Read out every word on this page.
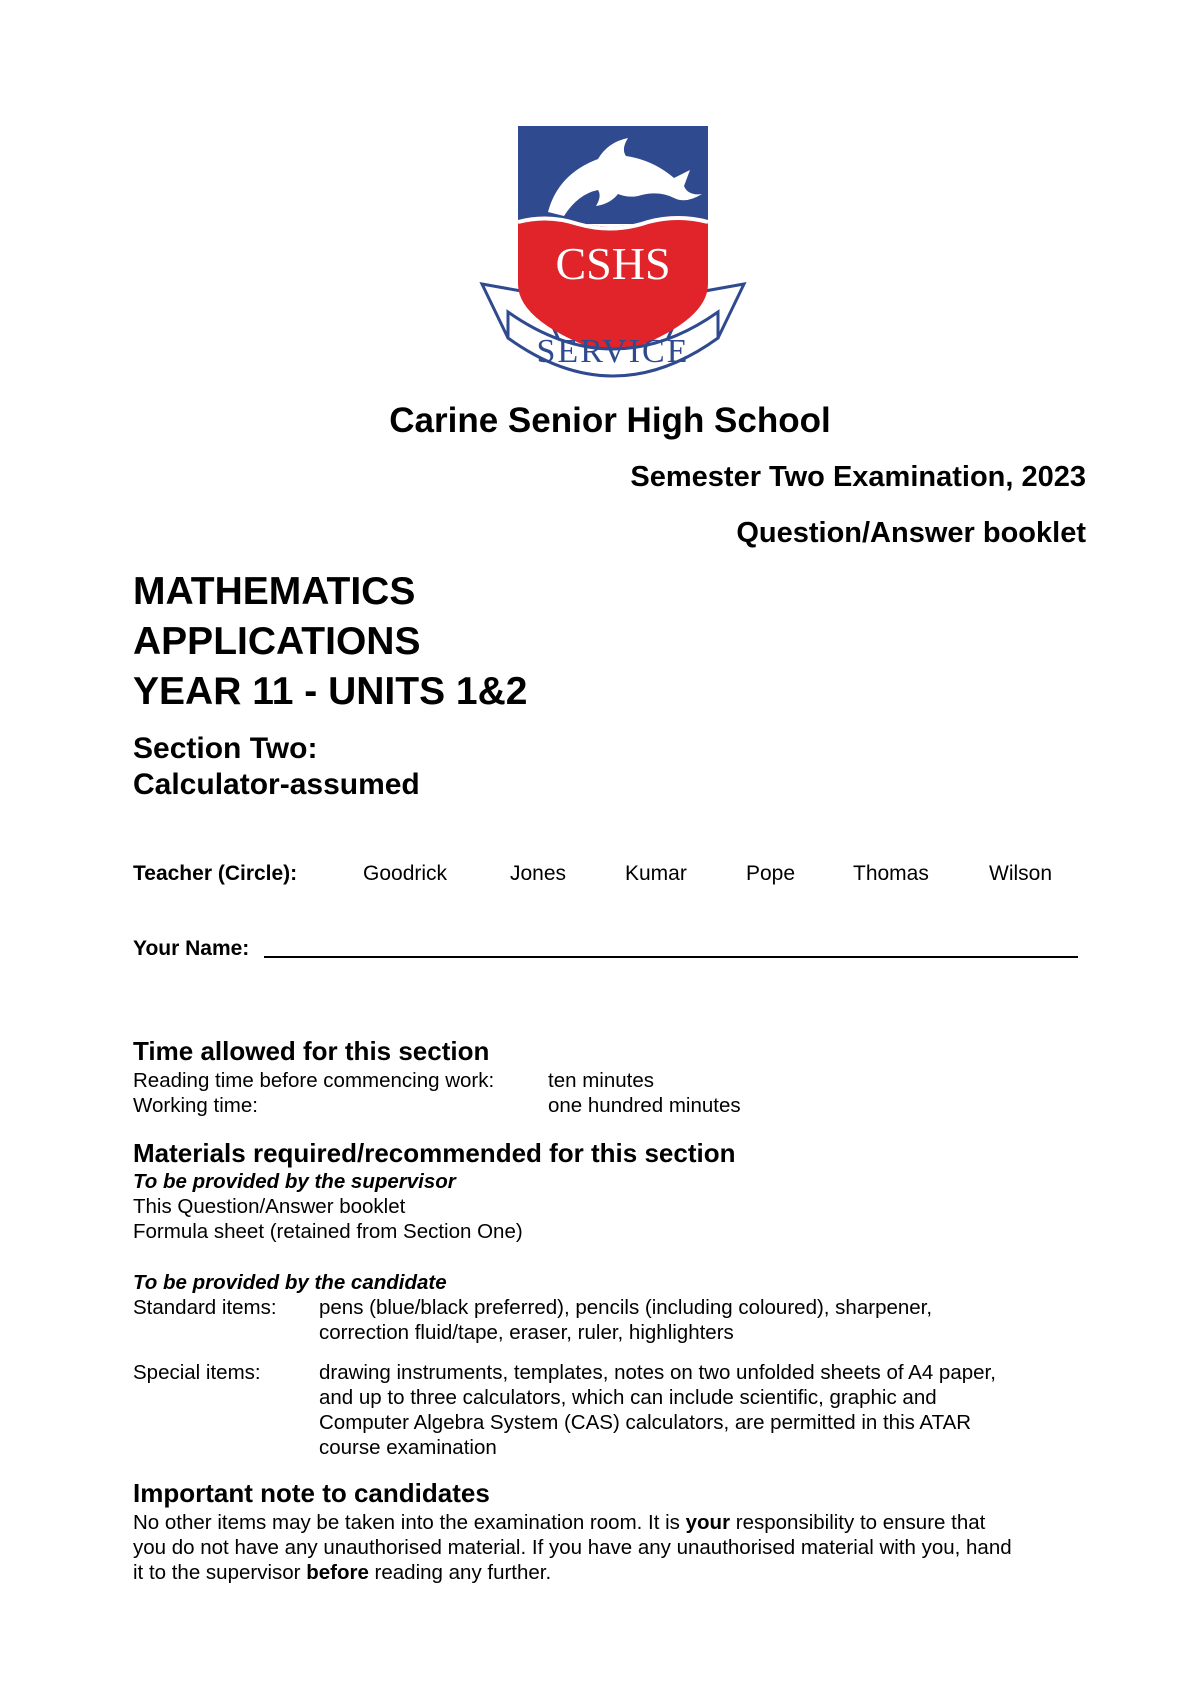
CSHS
SERVICE
Carine Senior High School
Semester Two Examination, 2023
Question/Answer booklet
MATHEMATICS
APPLICATIONS
YEAR 11 - UNITS 1&2
Section Two:
Calculator-assumed
Teacher (Circle):	Goodrick	Jones	Kumar	Pope	Thomas	Wilson
Your Name:
Time allowed for this section
Reading time before commencing work:	ten minutes
Working time:	one hundred minutes
Materials required/recommended for this section
To be provided by the supervisor
This Question/Answer booklet
Formula sheet (retained from Section One)
To be provided by the candidate
Standard items: pens (blue/black preferred), pencils (including coloured), sharpener,
correction fluid/tape, eraser, ruler, highlighters
Special items:	drawing instruments, templates, notes on two unfolded sheets of A4 paper,
and up to three calculators, which can include scientific, graphic and
Computer Algebra System (CAS) calculators, are permitted in this ATAR
course examination
Important note to candidates
No other items may be taken into the examination room. It is your responsibility to ensure that
you do not have any unauthorised material. If you have any unauthorised material with you, hand
it to the supervisor before reading any further.
